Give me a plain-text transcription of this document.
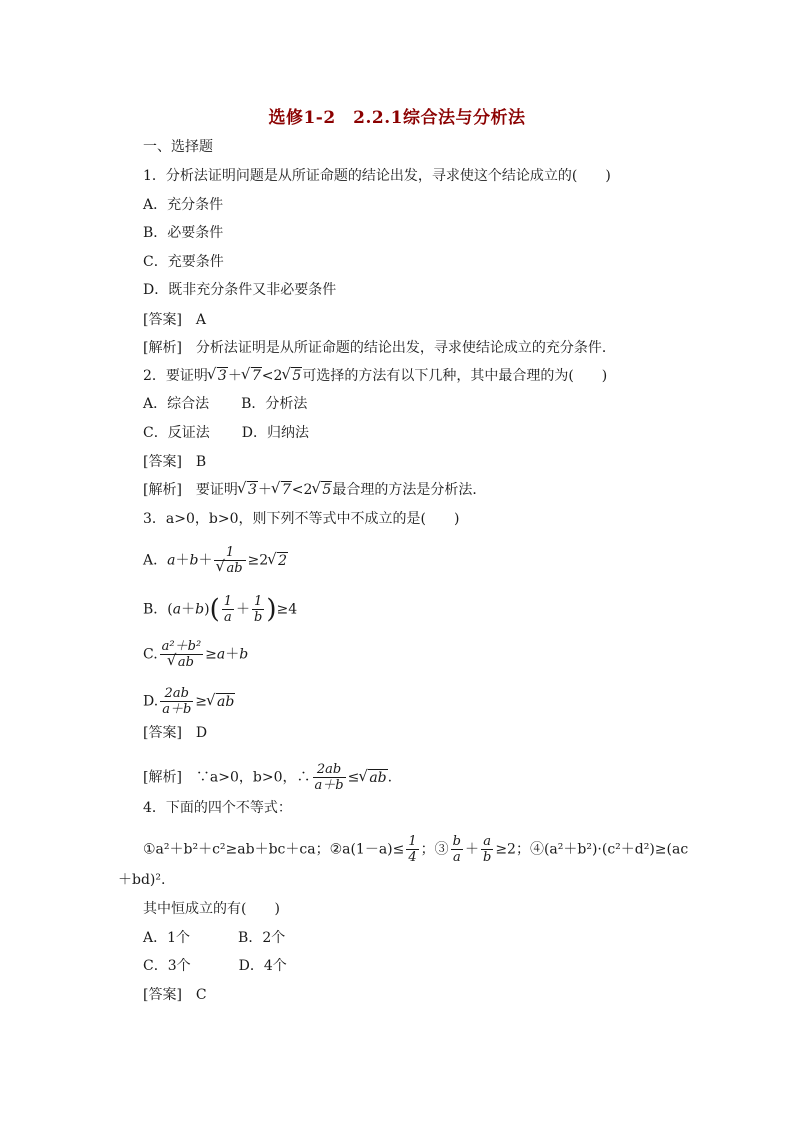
选修1-2　2.2.1综合法与分析法
一、选择题
1．分析法证明问题是从所证命题的结论出发，寻求使这个结论成立的(　　)
A．充分条件
B．必要条件
C．充要条件
D．既非充分条件又非必要条件
[答案]　A
[解析]　分析法证明是从所证命题的结论出发，寻求使结论成立的充分条件．
2．要证明 √ 3＋ √ 7<2 √ 5可选择的方法有以下几种，其中最合理的为(　　)
A．综合法 B．分析法
C．反证法 D．归纳法
[答案]　B
[解析]　要证明 √ 3＋ √ 7<2 √ 5最合理的方法是分析法．
3．a>0，b>0，则下列不等式中不成立的是(　　)
A．a＋b＋ 1
√ ab ≥2 √ 2
B．$(a+b)( \frac{1}{a} + \frac{1}{b} )\ge 4$
C. a²＋b²
√ ab ≥a＋b
D. $\frac{2ab}{a+b}$ ≥ √ ab
[答案]　D
[解析]　∵a>0，b>0，∴ $\frac{2ab}{a+b}$ ≤ √ ab.
4．下面的四个不等式：
①a²＋b²＋c²≥ab＋bc＋ca；②a(1－a)≤ $\frac{1}{4}$ ；③ $\frac{b}{a} + \frac{a}{b} \ge 2$；④(a²＋b²)·(c²＋d²)≥(ac
＋bd)².
其中恒成立的有(　　)
A．1个	B．2个
C．3个	D．4个
[答案]　C
